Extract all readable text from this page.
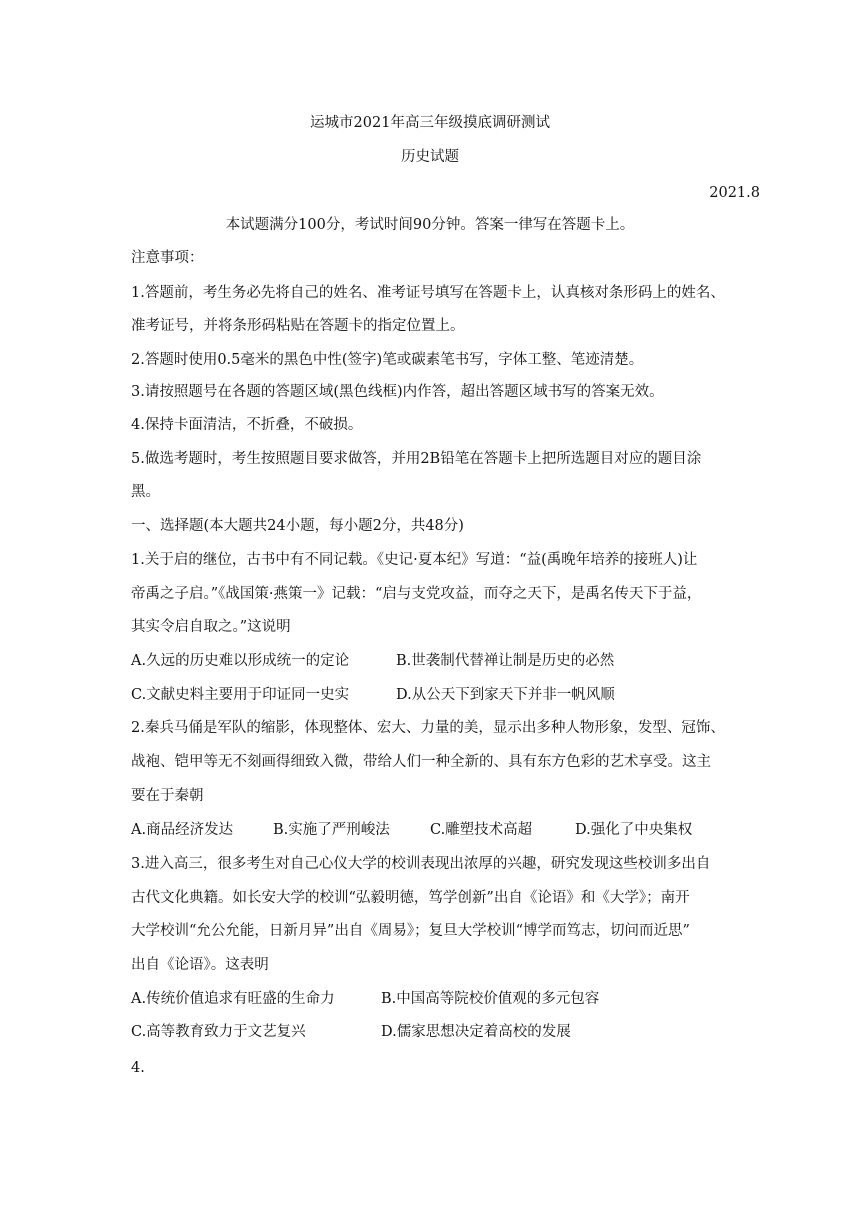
运城市2021年高三年级摸底调研测试
历史试题
2021.8
本试题满分100分，考试时间90分钟。答案一律写在答题卡上。
注意事项：
1.答题前，考生务必先将自己的姓名、准考证号填写在答题卡上，认真核对条形码上的姓名、
准考证号，并将条形码粘贴在答题卡的指定位置上。
2.答题时使用0.5毫米的黑色中性(签字)笔或碳素笔书写，字体工整、笔迹清楚。
3.请按照题号在各题的答题区域(黑色线框)内作答，超出答题区域书写的答案无效。
4.保持卡面清洁，不折叠，不破损。
5.做选考题时，考生按照题目要求做答，并用2B铅笔在答题卡上把所选题目对应的题目涂
黑。
一、选择题(本大题共24小题，每小题2分，共48分)
1.关于启的继位，古书中有不同记载。《史记·夏本纪》写道：“益(禹晚年培养的接班人)让
帝禹之子启。”《战国策·燕策一》记载：“启与支党攻益，而夺之天下，是禹名传天下于益，
其实令启自取之。”这说明
A.久远的历史难以形成统一的定论	B.世袭制代替禅让制是历史的必然
C.文献史料主要用于印证同一史实	D.从公天下到家天下并非一帆风顺
2.秦兵马俑是军队的缩影，体现整体、宏大、力量的美，显示出多种人物形象，发型、冠饰、
战袍、铠甲等无不刻画得细致入微，带给人们一种全新的、具有东方色彩的艺术享受。这主
要在于秦朝
A.商品经济发达	B.实施了严刑峻法	C.雕塑技术高超	D.强化了中央集权
3.进入高三，很多考生对自己心仪大学的校训表现出浓厚的兴趣，研究发现这些校训多出自
古代文化典籍。如长安大学的校训“弘毅明德，笃学创新”出自《论语》和《大学》；南开
大学校训“允公允能，日新月异”出自《周易》；复旦大学校训“博学而笃志，切问而近思”
出自《论语》。这表明
A.传统价值追求有旺盛的生命力	B.中国高等院校价值观的多元包容
C.高等教育致力于文艺复兴	D.儒家思想决定着高校的发展
4.
